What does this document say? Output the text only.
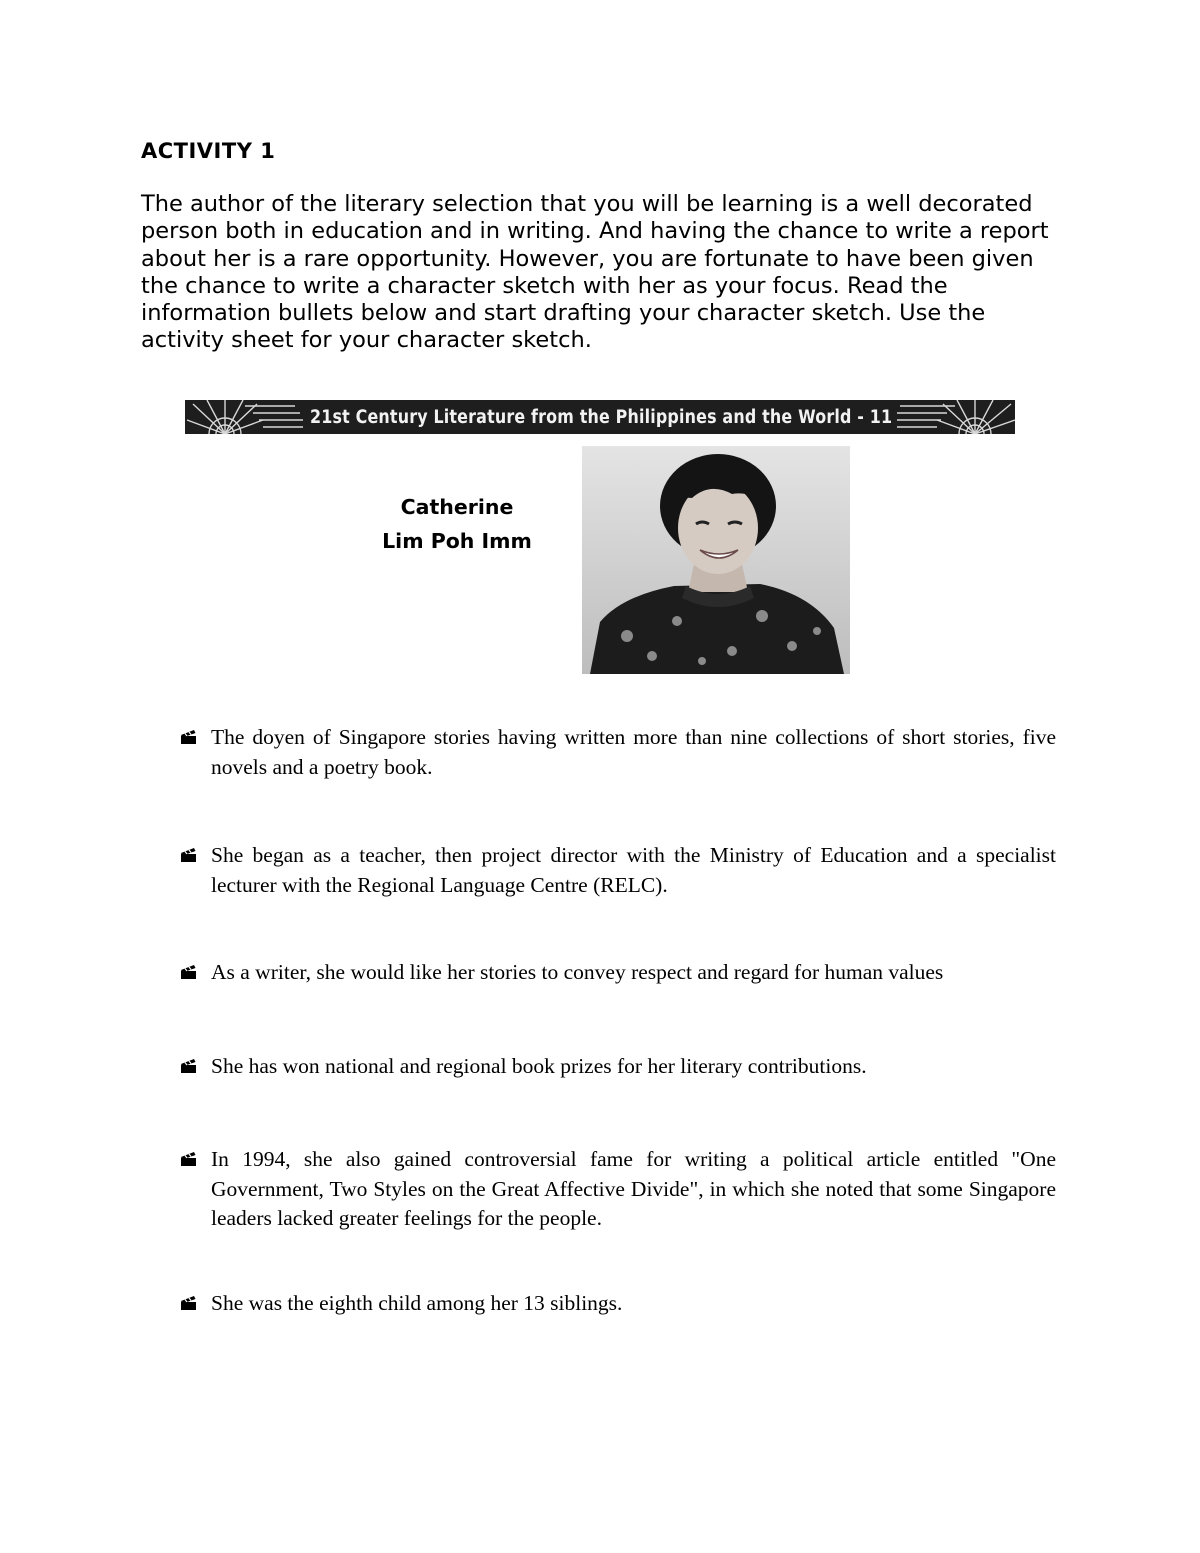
ACTIVITY 1

The author of the literary selection that you will be learning is a well decorated person both in education and in writing. And having the chance to write a report about her is a rare opportunity. However, you are fortunate to have been given the chance to write a character sketch with her as your focus. Read the information bullets below and start drafting your character sketch. Use the activity sheet for your character sketch.

21st Century Literature from the Philippines and the World - 11
Catherine
Lim Poh Imm

The doyen of Singapore stories having written more than nine collections of short stories, five novels and a poetry book.

She began as a teacher, then project director with the Ministry of Education and a specialist lecturer with the Regional Language Centre (RELC).

As a writer, she would like her stories to convey respect and regard for human values

She has won national and regional book prizes for her literary contributions.

In 1994, she also gained controversial fame for writing a political article entitled "One Government, Two Styles on the Great Affective Divide", in which she noted that some Singapore leaders lacked greater feelings for the people.

She was the eighth child among her 13 siblings.
